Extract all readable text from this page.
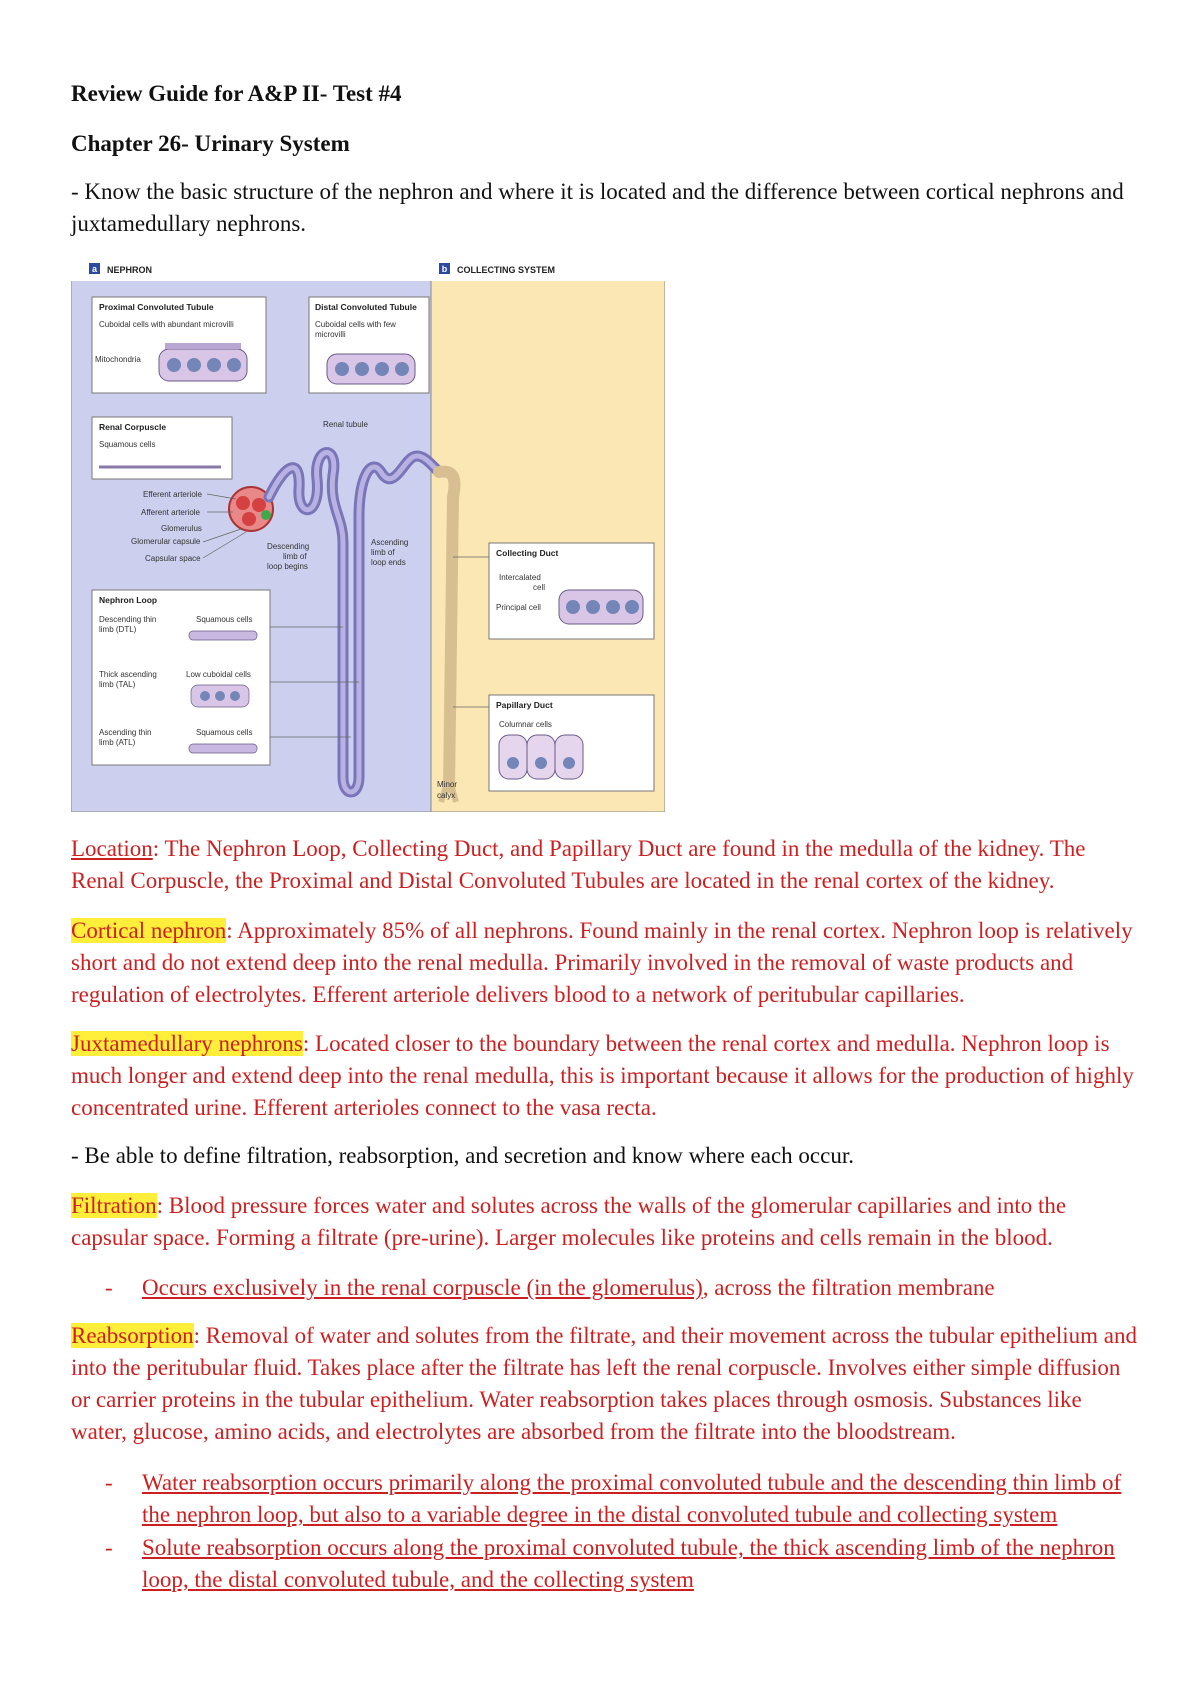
Review Guide for A&P II- Test #4
Chapter 26- Urinary System
- Know the basic structure of the nephron and where it is located and the difference between cortical nephrons and juxtamedullary nephrons.
a NEPHRON	b COLLECTING SYSTEM
Proximal Convoluted Tubule
Cuboidal cells with abundant microvilli
Mitochondria
Distal Convoluted Tubule
Cuboidal cells with few
microvilli
Renal tubule
Renal Corpuscle
Squamous cells
Efferent arteriole
Afferent arteriole
Glomerulus
Glomerular capsule
Capsular space
Descending
limb of
loop begins
Ascending
limb of
loop ends
Nephron Loop
Descending thin
limb (DTL)
Squamous cells
Thick ascending
limb (TAL)
Low cuboidal cells
Ascending thin
limb (ATL)
Squamous cells
Collecting Duct
Intercalated
cell
Principal cell
Papillary Duct
Columnar cells
Minor
calyx
Location: The Nephron Loop, Collecting Duct, and Papillary Duct are found in the medulla of the kidney. The Renal Corpuscle, the Proximal and Distal Convoluted Tubules are located in the renal cortex of the kidney.
Cortical nephron: Approximately 85% of all nephrons. Found mainly in the renal cortex. Nephron loop is relatively short and do not extend deep into the renal medulla. Primarily involved in the removal of waste products and regulation of electrolytes. Efferent arteriole delivers blood to a network of peritubular capillaries.
Juxtamedullary nephrons: Located closer to the boundary between the renal cortex and medulla. Nephron loop is much longer and extend deep into the renal medulla, this is important because it allows for the production of highly concentrated urine. Efferent arterioles connect to the vasa recta.
- Be able to define filtration, reabsorption, and secretion and know where each occur.
Filtration: Blood pressure forces water and solutes across the walls of the glomerular capillaries and into the capsular space. Forming a filtrate (pre-urine). Larger molecules like proteins and cells remain in the blood.
- Occurs exclusively in the renal corpuscle (in the glomerulus), across the filtration membrane
Reabsorption: Removal of water and solutes from the filtrate, and their movement across the tubular epithelium and into the peritubular fluid. Takes place after the filtrate has left the renal corpuscle. Involves either simple diffusion or carrier proteins in the tubular epithelium. Water reabsorption takes places through osmosis. Substances like water, glucose, amino acids, and electrolytes are absorbed from the filtrate into the bloodstream.
- Water reabsorption occurs primarily along the proximal convoluted tubule and the descending thin limb of the nephron loop, but also to a variable degree in the distal convoluted tubule and collecting system
- Solute reabsorption occurs along the proximal convoluted tubule, the thick ascending limb of the nephron loop, the distal convoluted tubule, and the collecting system
